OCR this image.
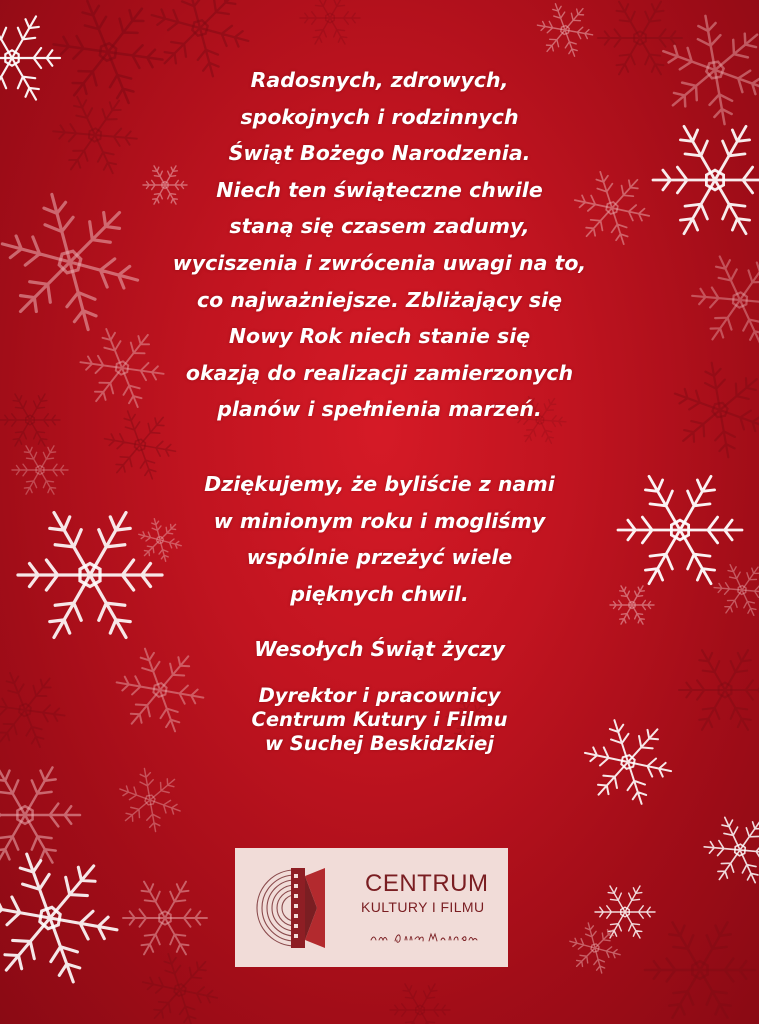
Radosnych, zdrowych,
spokojnych i rodzinnych
Świąt Bożego Narodzenia.
Niech ten świąteczne chwile
staną się czasem zadumy,
wyciszenia i zwrócenia uwagi na to,
co najważniejsze. Zbliżający się
Nowy Rok niech stanie się
okazją do realizacji zamierzonych
planów i spełnienia marzeń.

Dziękujemy, że byliście z nami
w minionym roku i mogliśmy
wspólnie przeżyć wiele
pięknych chwil.

Wesołych Świąt życzy

Dyrektor i pracownicy
Centrum Kutury i Filmu
w Suchej Beskidzkiej

CENTRUM

KULTURY I FILMU
